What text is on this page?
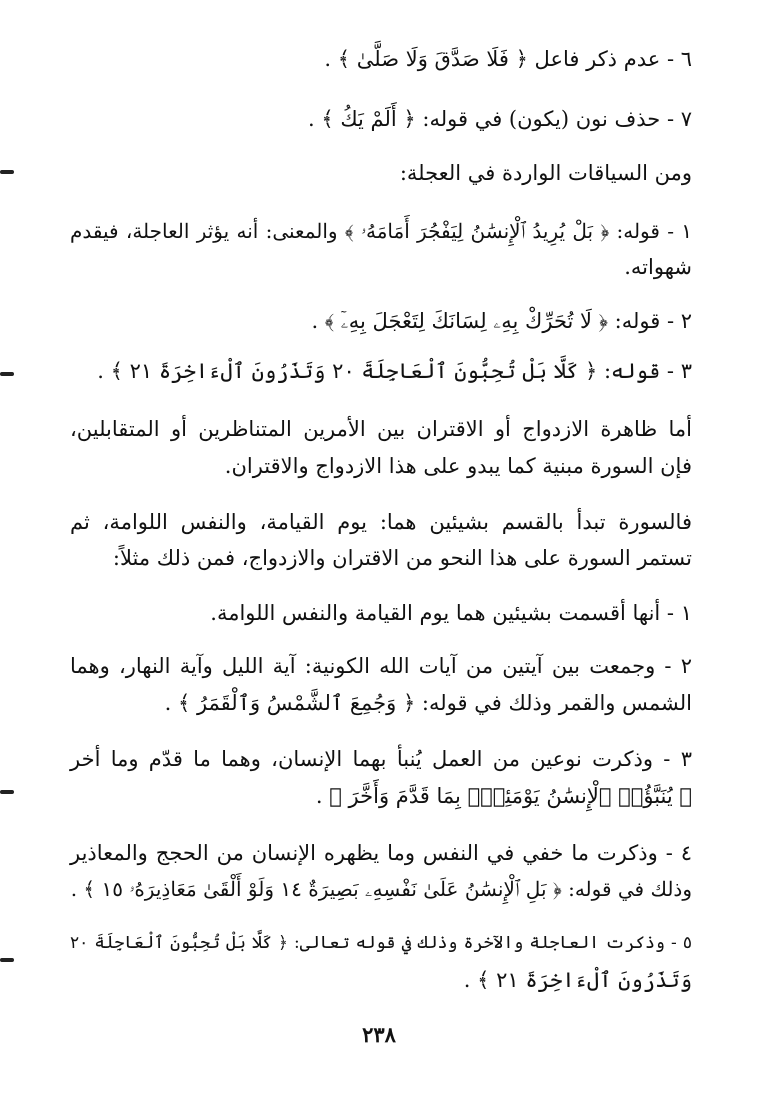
٦ - عدم ذكر فاعل ﴿ فَلَا صَدَّقَ وَلَا صَلَّىٰ ﴾ .
٧ - حذف نون (يكون) في قوله: ﴿ أَلَمْ يَكُ ﴾ .
ومن السياقات الواردة في العجلة:
١ - قوله: ﴿ بَلْ يُرِيدُ ٱلْإِنسَٰنُ لِيَفْجُرَ أَمَامَهُۥ ﴾ والمعنى: أنه يؤثر العاجلة، فيقدم
شهواته.
٢ - قوله: ﴿ لَا تُحَرِّكْ بِهِۦ لِسَانَكَ لِتَعْجَلَ بِهِۦٓ ﴾ .
٣ - قوله: ﴿ كَلَّا بَلْ تُحِبُّونَ ٱلْعَاجِلَةَ ٢٠ وَتَذَرُونَ ٱلْءَاخِرَةَ ٢١ ﴾ .
أما ظاهرة الازدواج أو الاقتران بين الأمرين المتناظرين أو المتقابلين،
فإن السورة مبنية كما يبدو على هذا الازدواج والاقتران.
فالسورة تبدأ بالقسم بشيئين هما: يوم القيامة، والنفس اللوامة، ثم
تستمر السورة على هذا النحو من الاقتران والازدواج، فمن ذلك مثلاً:
١ - أنها أقسمت بشيئين هما يوم القيامة والنفس اللوامة.
٢ - وجمعت بين آيتين من آيات الله الكونية: آية الليل وآية النهار، وهما
الشمس والقمر وذلك في قوله: ﴿ وَجُمِعَ ٱلشَّمْسُ وَٱلْقَمَرُ ﴾ .
٣ - وذكرت نوعين من العمل يُنبأ بهما الإنسان، وهما ما قدّم وما أخر
﴿ يُنَبَّؤُا۟ ٱلْإِنسَٰنُ يَوْمَئِذٍۭ بِمَا قَدَّمَ وَأَخَّرَ ﴾ .
٤ - وذكرت ما خفي في النفس وما يظهره الإنسان من الحجج والمعاذير
وذلك في قوله: ﴿ بَلِ ٱلْإِنسَٰنُ عَلَىٰ نَفْسِهِۦ بَصِيرَةٌ ١٤ وَلَوْ أَلْقَىٰ مَعَاذِيرَهُۥ ١٥ ﴾ .
٥ - وذكرت العاجلة والآخرة وذلك في قوله تعالى: ﴿ كَلَّا بَلْ تُحِبُّونَ ٱلْعَاجِلَةَ ٢٠
وَتَذَرُونَ ٱلْءَاخِرَةَ ٢١ ﴾ .
٢٣٨
